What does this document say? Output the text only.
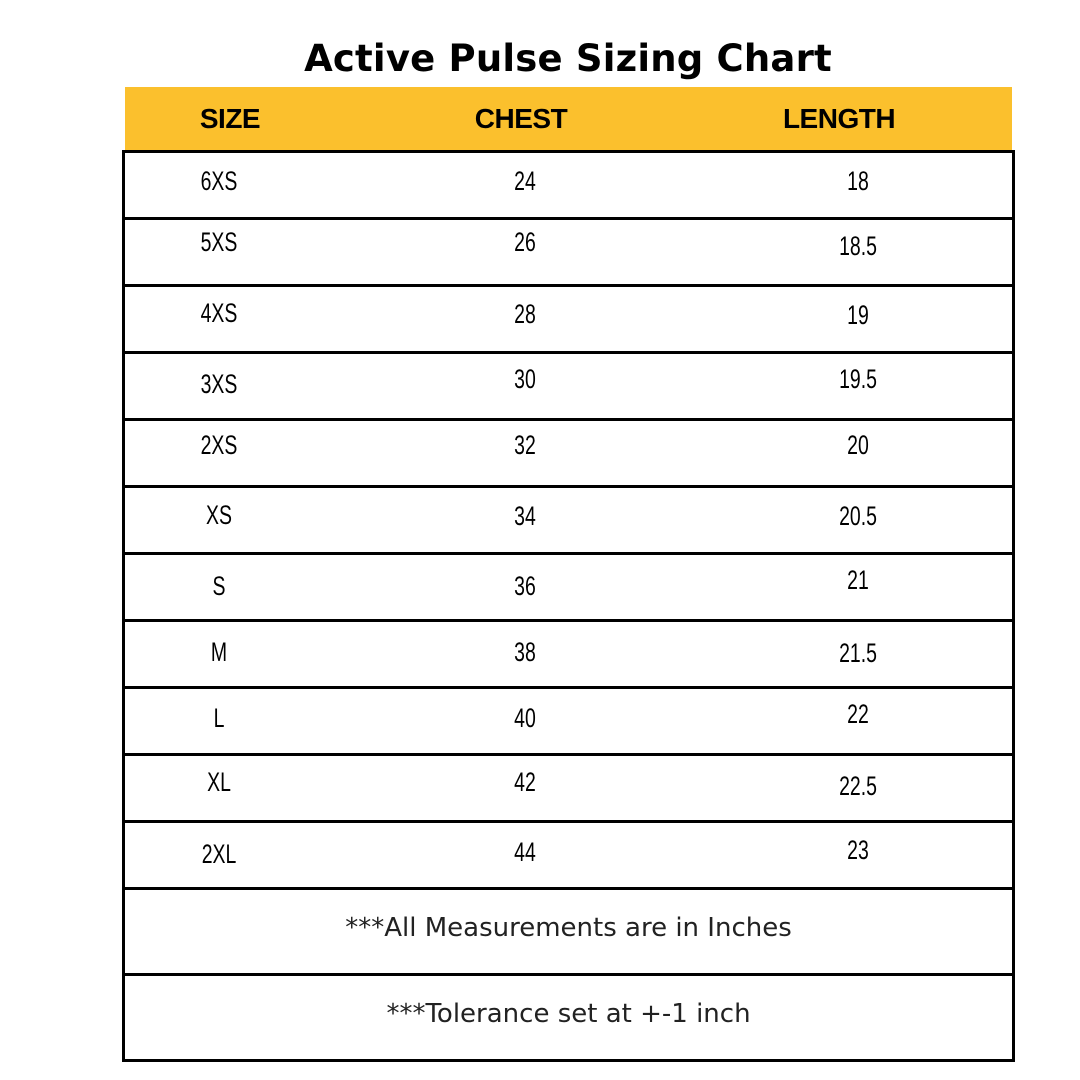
Active Pulse Sizing Chart
SIZE	CHEST	LENGTH
6XS	24	18
5XS	26	18.5
4XS	28	19
3XS	30	19.5
2XS	32	20
XS	34	20.5
S	36	21
M	38	21.5
L	40	22
XL	42	22.5
2XL	44	23
***All Measurements are in Inches
***Tolerance set at +-1 inch
